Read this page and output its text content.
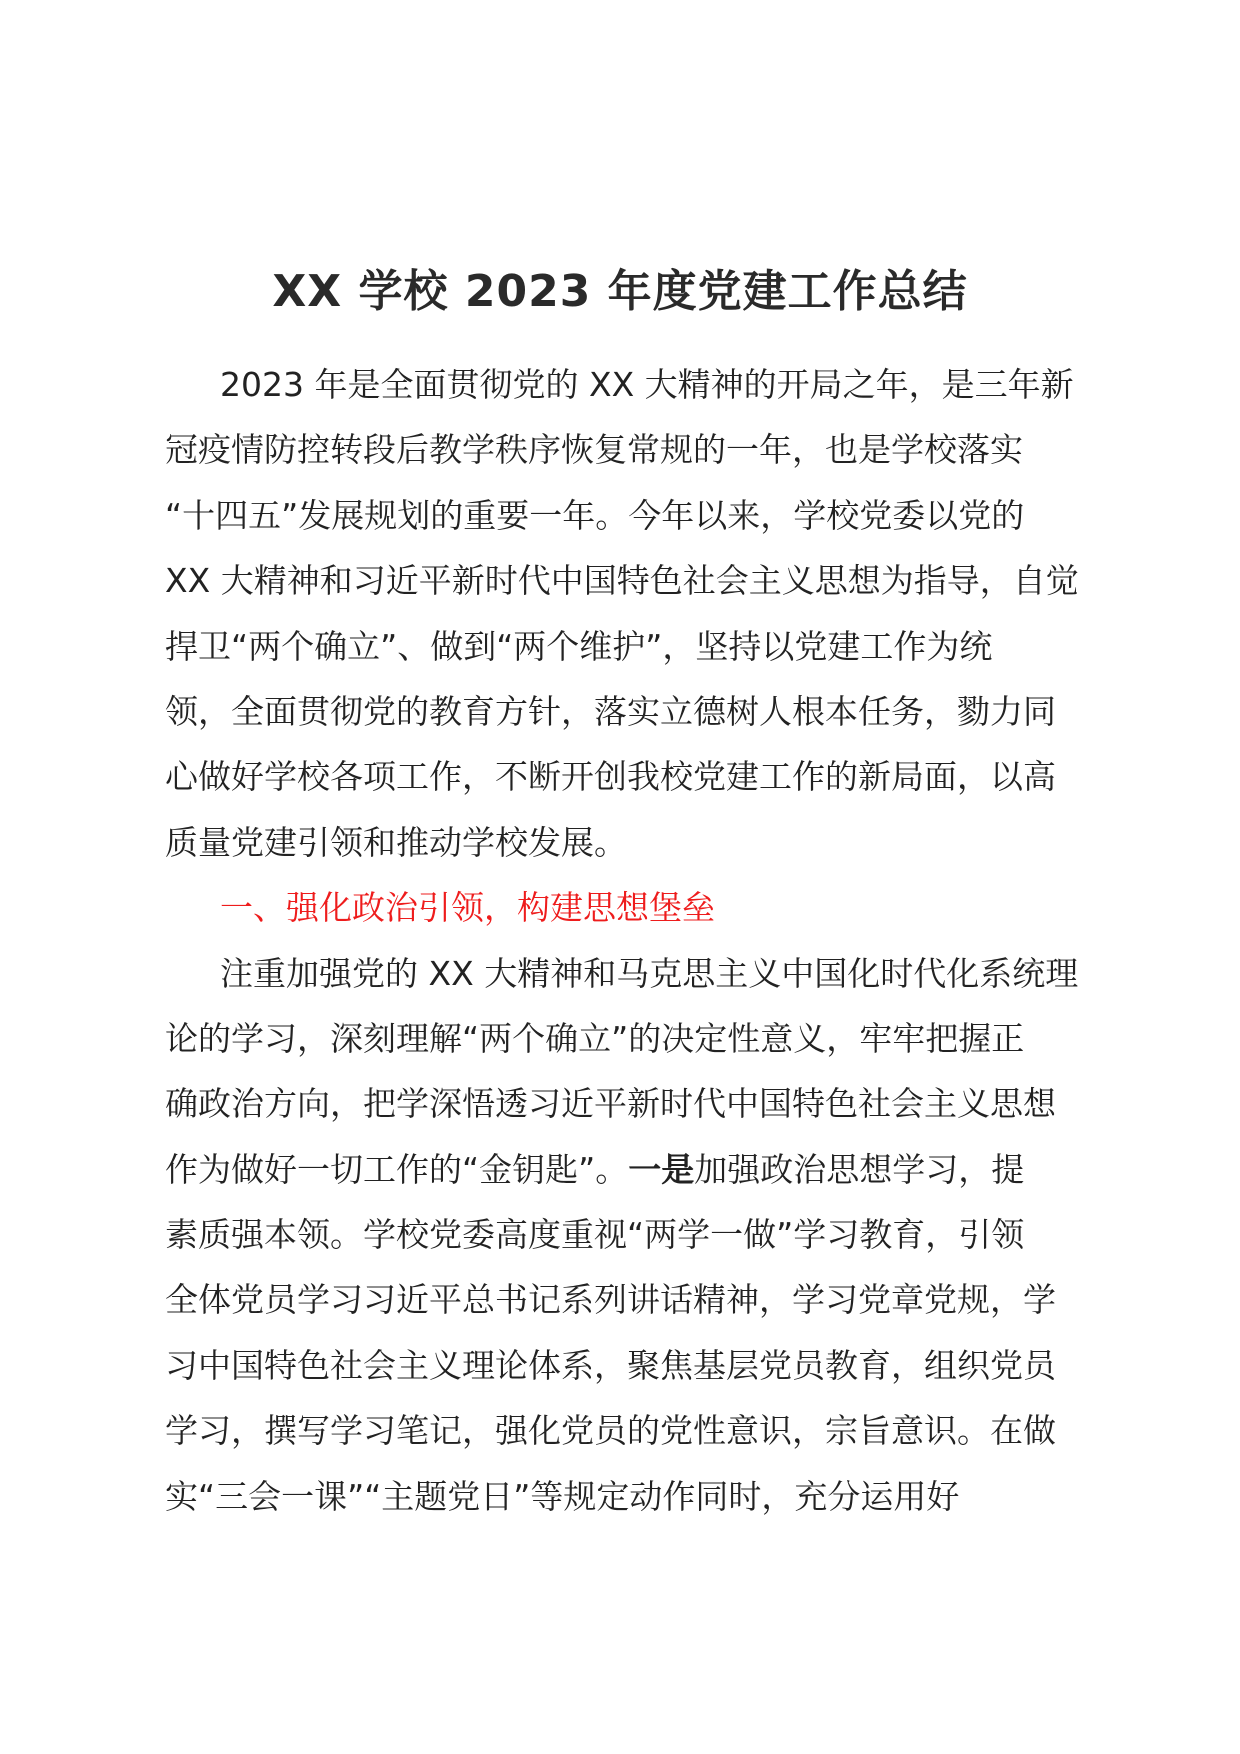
XX 学校 2023 年度党建工作总结
2023 年是全面贯彻党的 XX 大精神的开局之年，是三年新
冠疫情防控转段后教学秩序恢复常规的一年，也是学校落实
“十四五”发展规划的重要一年。今年以来，学校党委以党的
XX 大精神和习近平新时代中国特色社会主义思想为指导，自觉
捍卫“两个确立”、做到“两个维护”，坚持以党建工作为统
领，全面贯彻党的教育方针，落实立德树人根本任务，勠力同
心做好学校各项工作，不断开创我校党建工作的新局面，以高
质量党建引领和推动学校发展。
一、强化政治引领，构建思想堡垒
注重加强党的 XX 大精神和马克思主义中国化时代化系统理
论的学习，深刻理解“两个确立”的决定性意义，牢牢把握正
确政治方向，把学深悟透习近平新时代中国特色社会主义思想
作为做好一切工作的“金钥匙”。一是加强政治思想学习，提
素质强本领。学校党委高度重视“两学一做”学习教育，引领
全体党员学习习近平总书记系列讲话精神，学习党章党规，学
习中国特色社会主义理论体系，聚焦基层党员教育，组织党员
学习，撰写学习笔记，强化党员的党性意识，宗旨意识。在做
实“三会一课”“主题党日”等规定动作同时，充分运用好
